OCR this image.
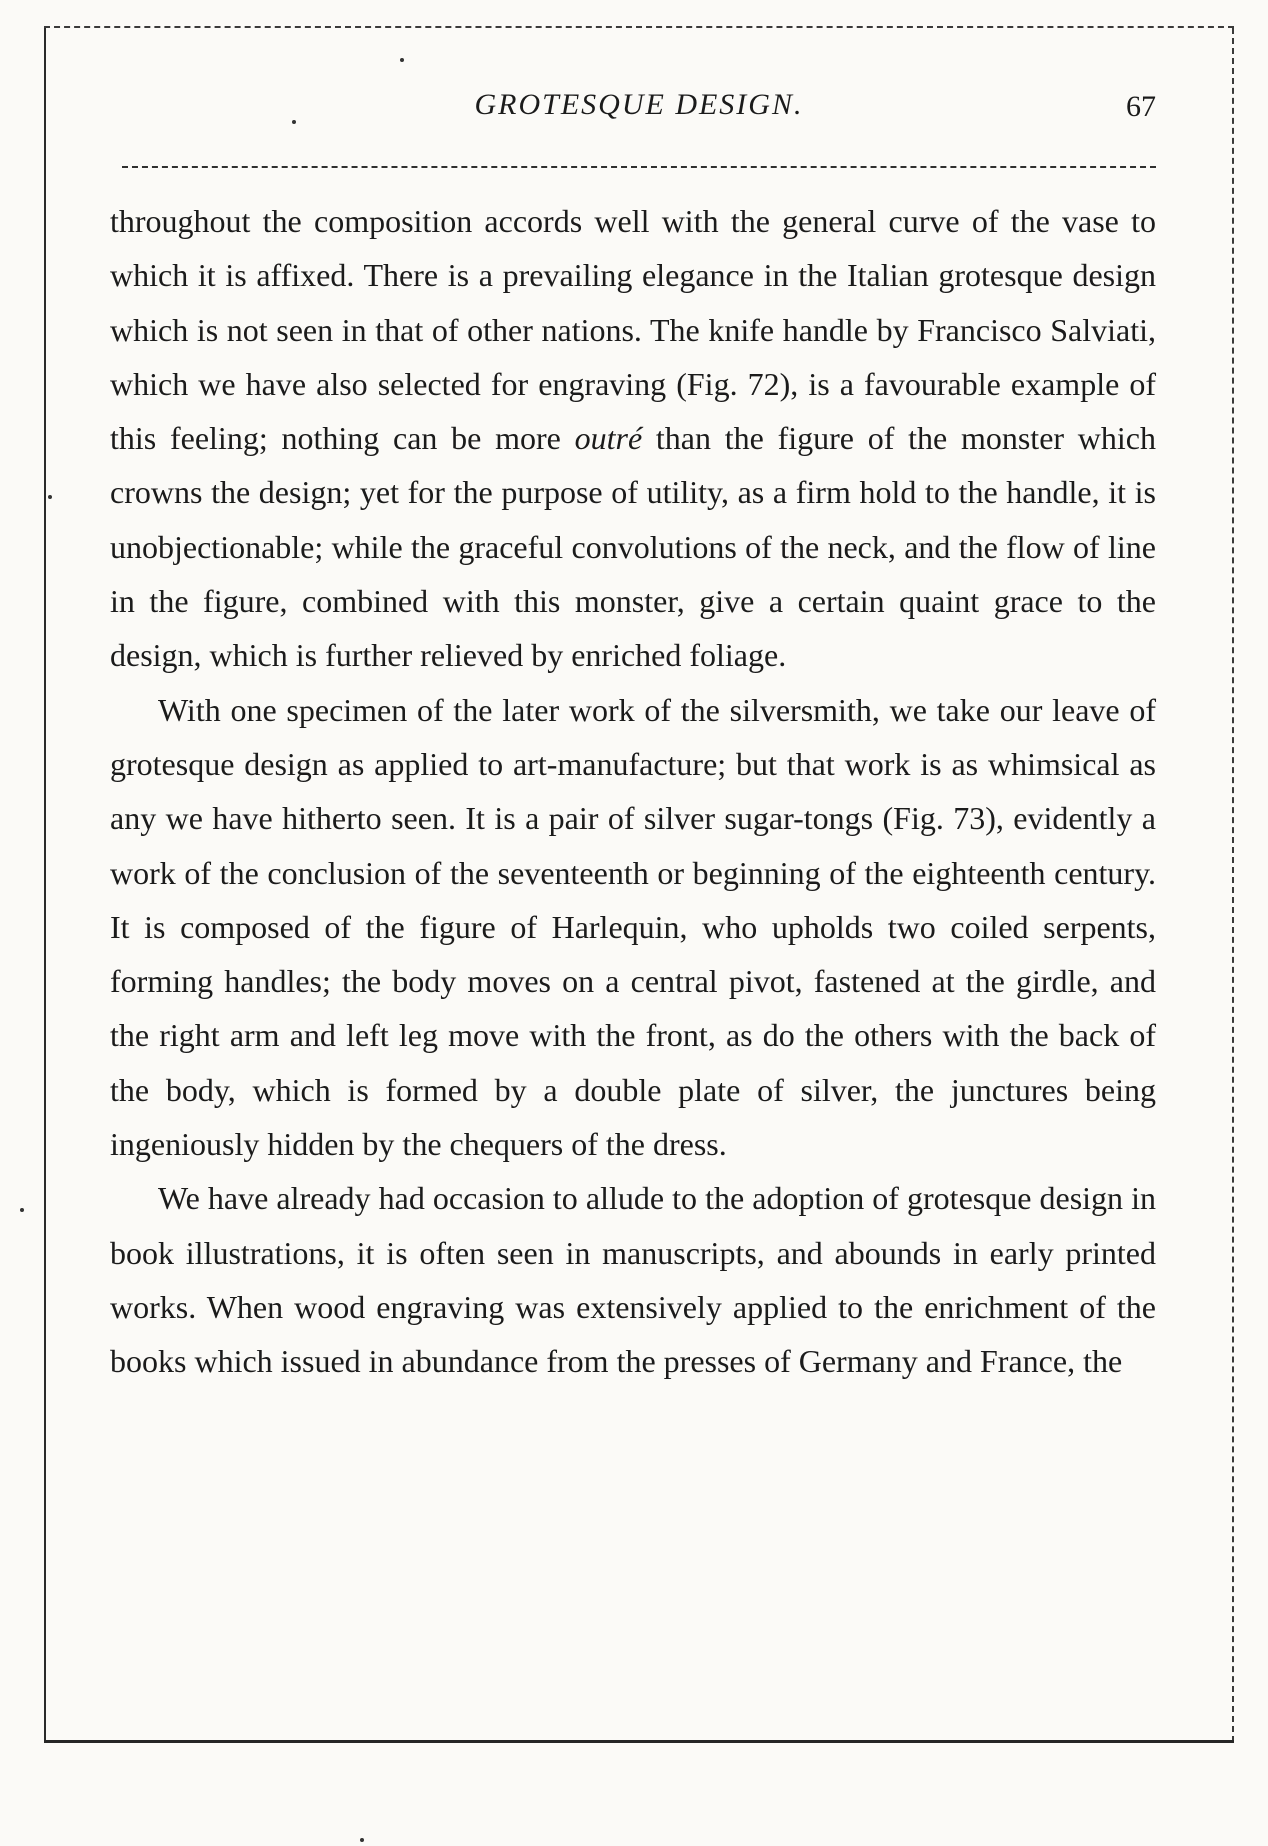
GROTESQUE DESIGN.	67

throughout the composition accords well with the general curve of the vase to which it is affixed. There is a prevailing elegance in the Italian grotesque design which is not seen in that of other nations. The knife handle by Francisco Salviati, which we have also selected for engraving (Fig. 72), is a favourable example of this feeling; nothing can be more outré than the figure of the monster which crowns the design; yet for the purpose of utility, as a firm hold to the handle, it is unobjectionable; while the graceful convolutions of the neck, and the flow of line in the figure, combined with this monster, give a certain quaint grace to the design, which is further relieved by enriched foliage.

With one specimen of the later work of the silversmith, we take our leave of grotesque design as applied to art-manufacture; but that work is as whimsical as any we have hitherto seen. It is a pair of silver sugar-tongs (Fig. 73), evidently a work of the conclusion of the seventeenth or beginning of the eighteenth century. It is composed of the figure of Harlequin, who upholds two coiled serpents, forming handles; the body moves on a central pivot, fastened at the girdle, and the right arm and left leg move with the front, as do the others with the back of the body, which is formed by a double plate of silver, the junctures being ingeniously hidden by the chequers of the dress.

We have already had occasion to allude to the adoption of grotesque design in book illustrations, it is often seen in manuscripts, and abounds in early printed works. When wood engraving was extensively applied to the enrichment of the books which issued in abundance from the presses of Germany and France, the
